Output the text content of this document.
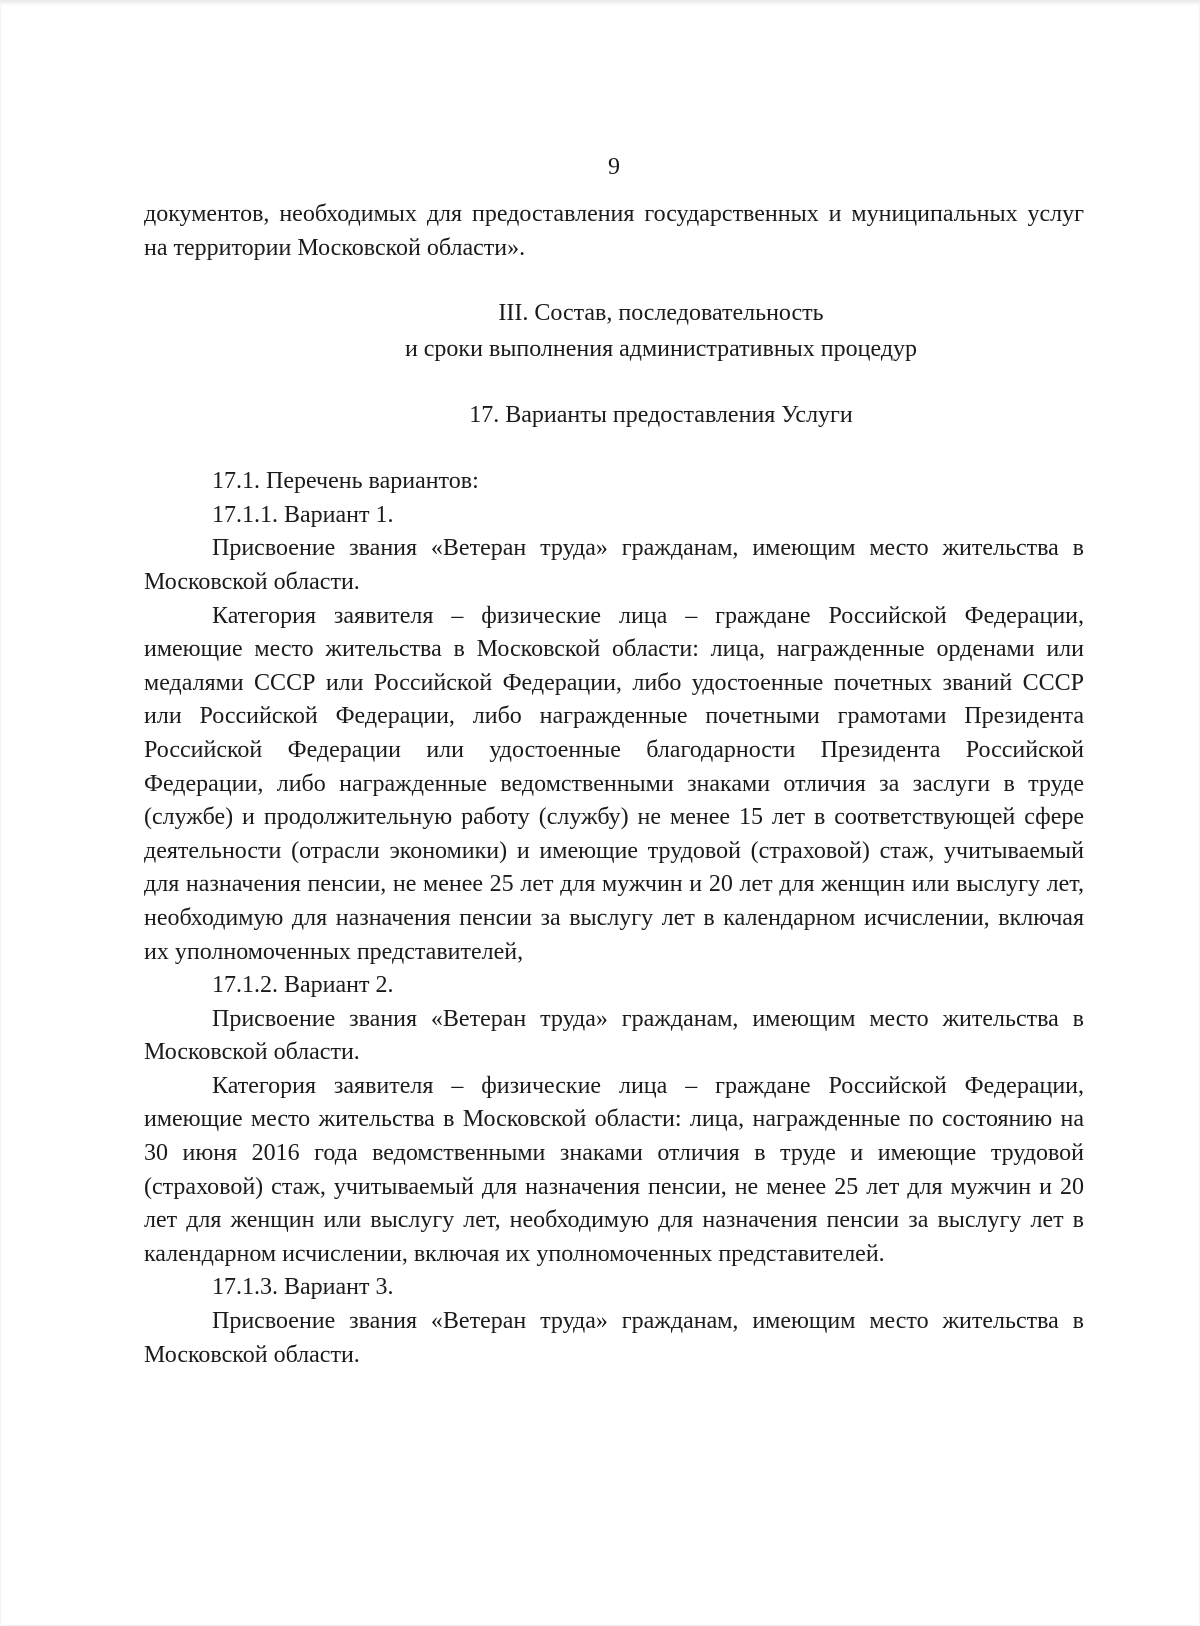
9

документов, необходимых для предоставления государственных и муниципальных услуг на территории Московской области».

III. Состав, последовательность
и сроки выполнения административных процедур
17. Варианты предоставления Услуги

17.1. Перечень вариантов:

17.1.1. Вариант 1.

Присвоение звания «Ветеран труда» гражданам, имеющим место жительства в Московской области.

Категория заявителя – физические лица – граждане Российской Федерации, имеющие место жительства в Московской области: лица, награжденные орденами или медалями СССР или Российской Федерации, либо удостоенные почетных званий СССР или Российской Федерации, либо награжденные почетными грамотами Президента Российской Федерации или удостоенные благодарности Президента Российской Федерации, либо награжденные ведомственными знаками отличия за заслуги в труде (службе) и продолжительную работу (службу) не менее 15 лет в соответствующей сфере деятельности (отрасли экономики) и имеющие трудовой (страховой) стаж, учитываемый для назначения пенсии, не менее 25 лет для мужчин и 20 лет для женщин или выслугу лет, необходимую для назначения пенсии за выслугу лет в календарном исчислении, включая их уполномоченных представителей,

17.1.2. Вариант 2.

Присвоение звания «Ветеран труда» гражданам, имеющим место жительства в Московской области.

Категория заявителя – физические лица – граждане Российской Федерации, имеющие место жительства в Московской области: лица, награжденные по состоянию на 30 июня 2016 года ведомственными знаками отличия в труде и имеющие трудовой (страховой) стаж, учитываемый для назначения пенсии, не менее 25 лет для мужчин и 20 лет для женщин или выслугу лет, необходимую для назначения пенсии за выслугу лет в календарном исчислении, включая их уполномоченных представителей.

17.1.3. Вариант 3.

Присвоение звания «Ветеран труда» гражданам, имеющим место жительства в Московской области.
